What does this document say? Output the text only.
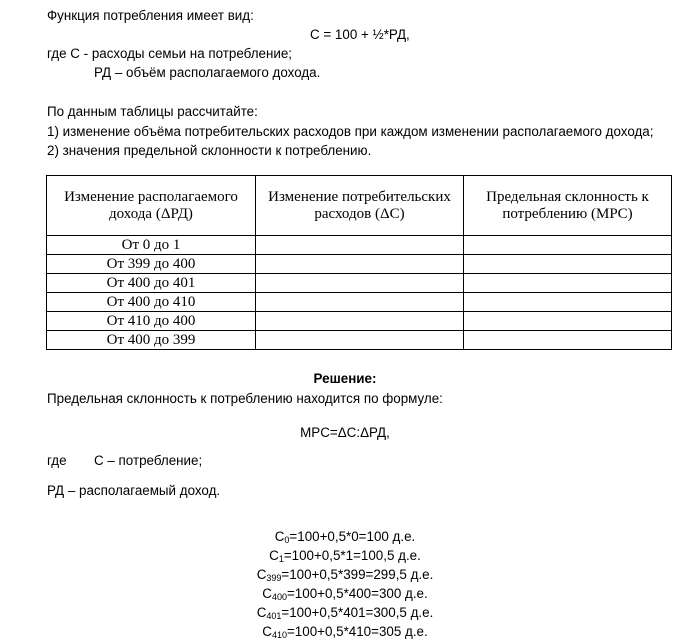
Функция потребления имеет вид:
C = 100 + ½*РД,
где С - расходы семьи на потребление;
РД – объём располагаемого дохода.
По данным таблицы рассчитайте:
1) изменение объёма потребительских расходов при каждом изменении располагаемого дохода;
2) значения предельной склонности к потреблению.
Изменение располагаемого дохода (ΔРД)	Изменение потребительских расходов (ΔC)	Предельная склонность к потреблению (MPC)
От 0 до 1		
От 399 до 400		
От 400 до 401		
От 400 до 410		
От 410 до 400		
От 400 до 399		
Решение:
Предельная склонность к потреблению находится по формуле:
MPC=ΔC:ΔРД,
где C – потребление;
РД – располагаемый доход.
$C_0=100+0,5*0=100$ д.е.
$C_1=100+0,5*1=100,5$ д.е.
$C_{399}=100+0,5*399=299,5$ д.е.
$C_{400}=100+0,5*400=300$ д.е.
$C_{401}=100+0,5*401=300,5$ д.е.
$C_{410}=100+0,5*410=305$ д.е.
